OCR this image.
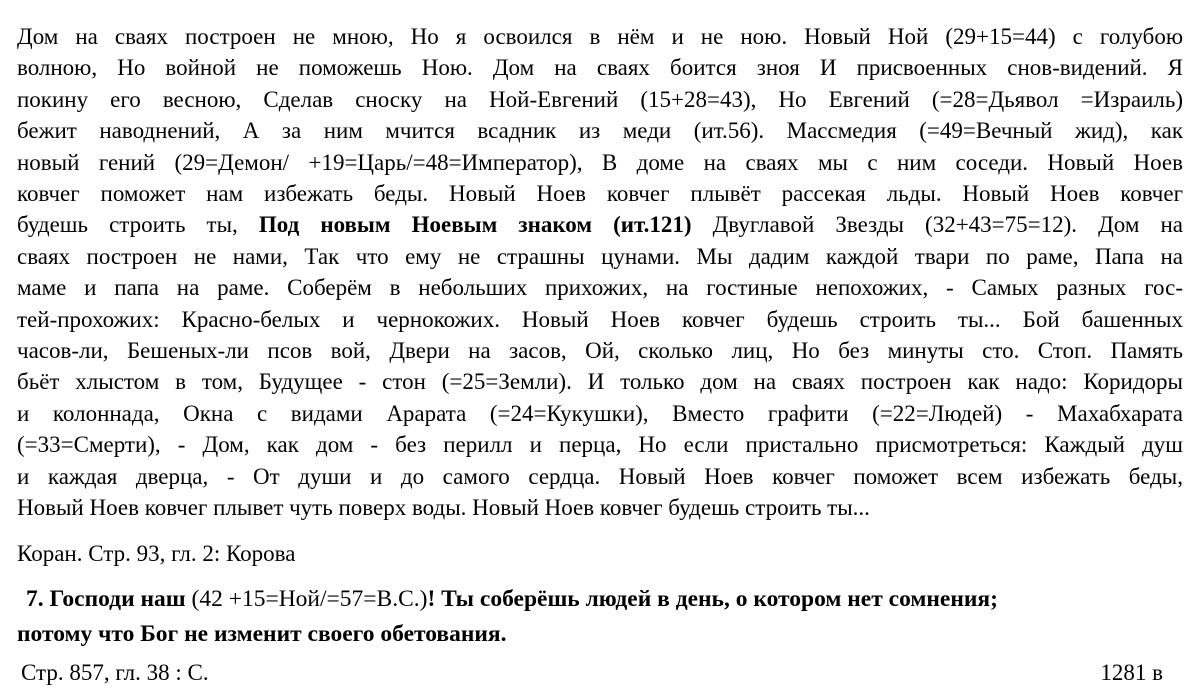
Дом на сваях построен не мною, Но я освоился в нём и не ною. Новый Ной (29+15=44) с голубою
волною, Но войной не поможешь Ною. Дом на сваях боится зноя И присвоенных снов-видений. Я
покину его весною, Сделав сноску на Ной-Евгений (15+28=43), Но Евгений (=28=Дьявол =Израиль)
бежит наводнений, А за ним мчится всадник из меди (ит.56). Массмедия (=49=Вечный жид), как
новый гений (29=Демон/ +19=Царь/=48=Император), В доме на сваях мы с ним соседи. Новый Ноев
ковчег поможет нам избежать беды. Новый Ноев ковчег плывёт рассекая льды. Новый Ноев ковчег
будешь строить ты, Под новым Ноевым знаком (ит.121) Двуглавой Звезды (32+43=75=12). Дом на
сваях построен не нами, Так что ему не страшны цунами. Мы дадим каждой твари по раме, Папа на
маме и папа на раме. Соберём в небольших прихожих, на гостиные непохожих, - Самых разных гос-
тей-прохожих: Красно-белых и чернокожих. Новый Ноев ковчег будешь строить ты... Бой башенных
часов-ли, Бешеных-ли псов вой, Двери на засов, Ой, сколько лиц, Но без минуты сто. Стоп. Память
бьёт хлыстом в том, Будущее - стон (=25=Земли). И только дом на сваях построен как надо: Коридоры
и колоннада, Окна с видами Арарата (=24=Кукушки), Вместо графити (=22=Людей) - Махабхарата
(=33=Смерти), - Дом, как дом - без перилл и перца, Но если пристально присмотреться: Каждый душ
и каждая дверца, - От души и до самого сердца. Новый Ноев ковчег поможет всем избежать беды,
Новый Ноев ковчег плывет чуть поверх воды. Новый Ноев ковчег будешь строить ты...
Коран. Стр. 93, гл. 2: Корова
7. Господи наш (42 +15=Ной/=57=В.С.)! Ты соберёшь людей в день, о котором нет сомнения;
потому что Бог не изменит своего обетования.
Стр. 857, гл. 38 : С.	1281 в
